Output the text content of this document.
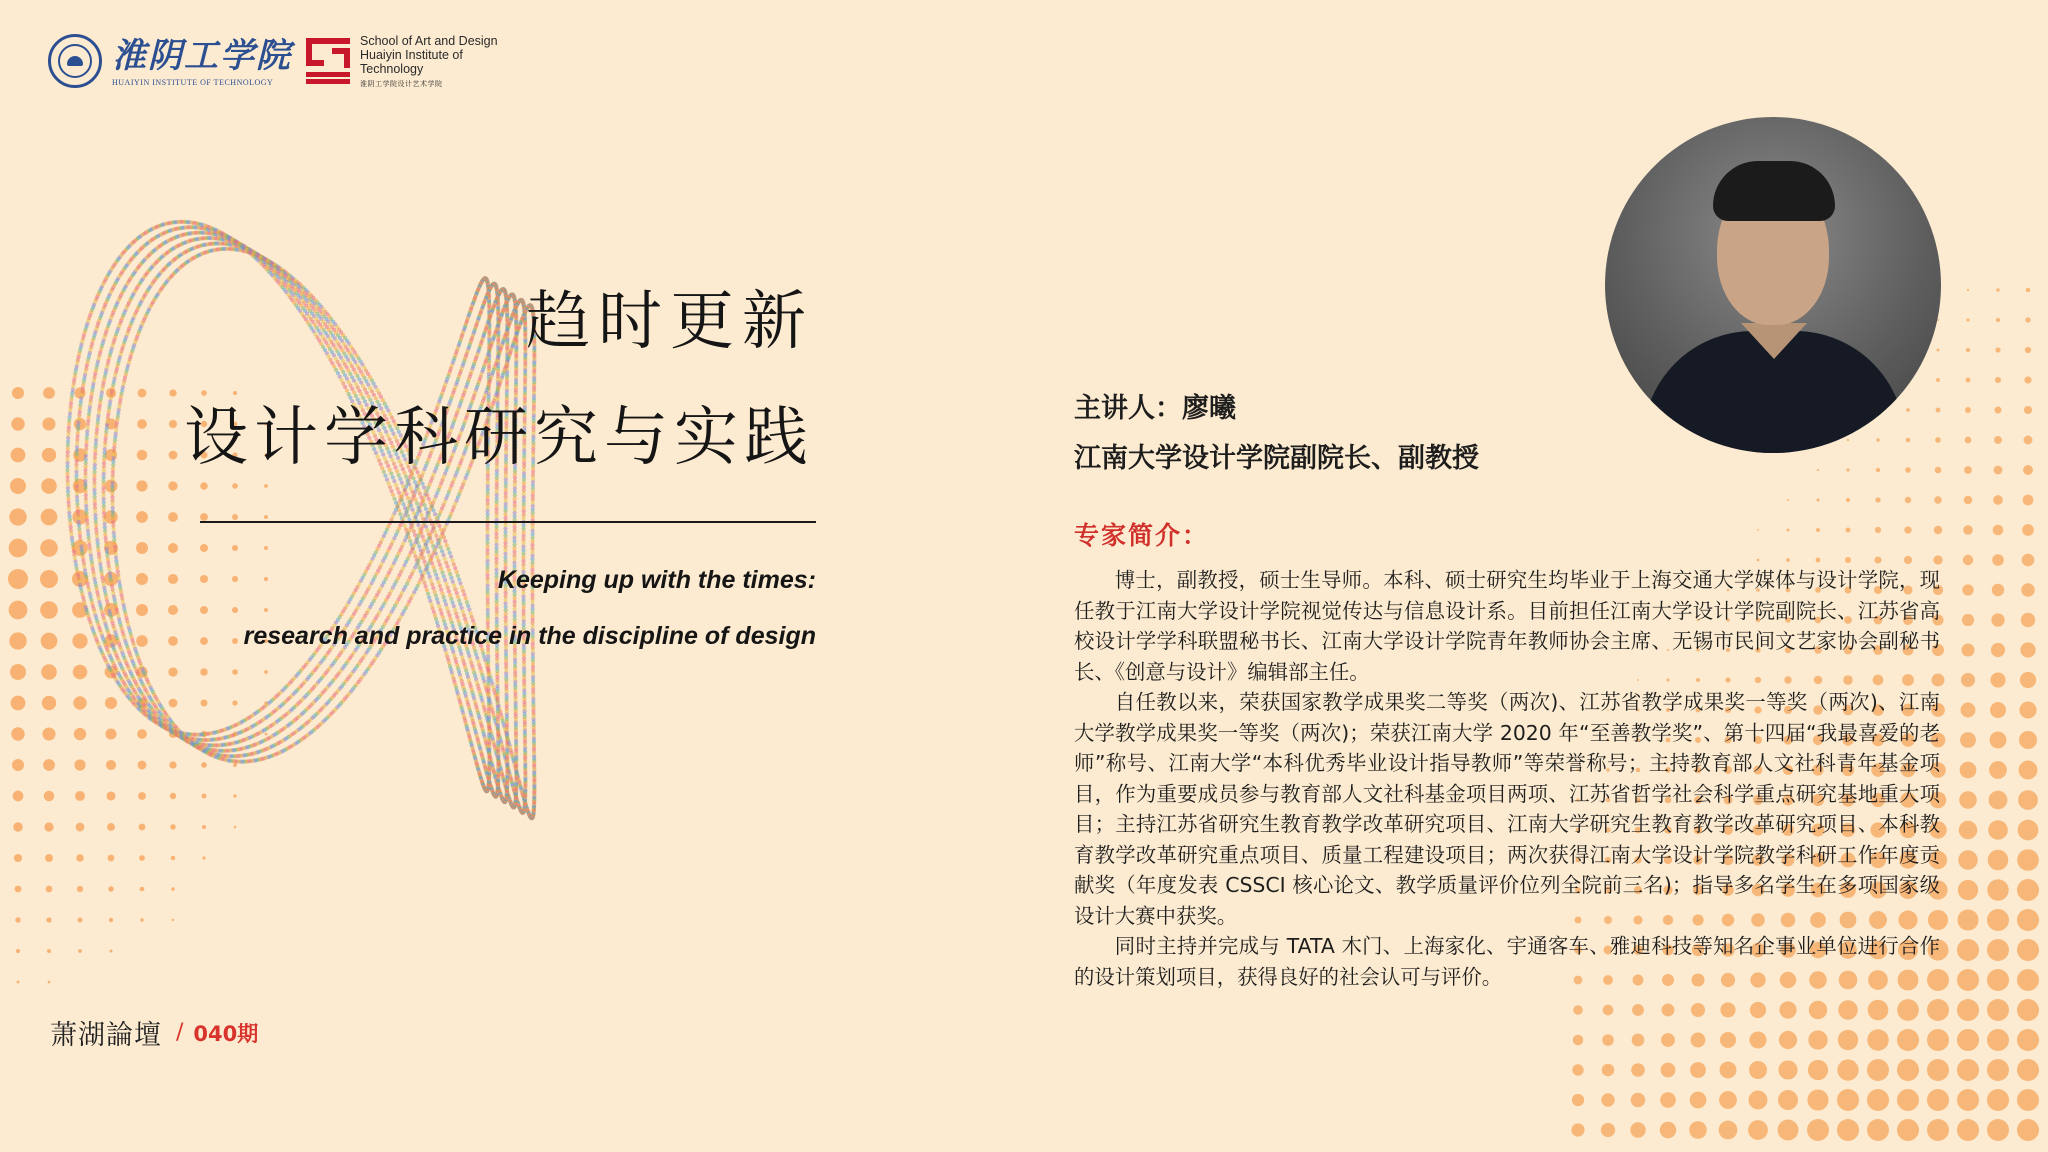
淮阴工学院
HUAIYIN INSTITUTE OF TECHNOLOGY
School of Art and Design
Huaiyin Institute of
Technology
淮阴工学院设计艺术学院
趋时更新
设计学科研究与实践
Keeping up with the times:
research and practice in the discipline of design
萧湖論壇 / 040期
主讲人：廖曦
江南大学设计学院副院长、副教授
专家简介：

博士，副教授，硕士生导师。本科、硕士研究生均毕业于上海交通大学媒体与设计学院，现任教于江南大学设计学院视觉传达与信息设计系。目前担任江南大学设计学院副院长、江苏省高校设计学学科联盟秘书长、江南大学设计学院青年教师协会主席、无锡市民间文艺家协会副秘书长、《创意与设计》编辑部主任。

自任教以来，荣获国家教学成果奖二等奖（两次)、江苏省教学成果奖一等奖（两次)、江南大学教学成果奖一等奖（两次)；荣获江南大学 2020 年“至善教学奖”、第十四届“我最喜爱的老师”称号、江南大学“本科优秀毕业设计指导教师”等荣誉称号；主持教育部人文社科青年基金项目，作为重要成员参与教育部人文社科基金项目两项、江苏省哲学社会科学重点研究基地重大项目；主持江苏省研究生教育教学改革研究项目、江南大学研究生教育教学改革研究项目、本科教育教学改革研究重点项目、质量工程建设项目；两次获得江南大学设计学院教学科研工作年度贡献奖（年度发表 CSSCI 核心论文、教学质量评价位列全院前三名)；指导多名学生在多项国家级设计大赛中获奖。

同时主持并完成与 TATA 木门、上海家化、宇通客车、雅迪科技等知名企事业单位进行合作的设计策划项目，获得良好的社会认可与评价。
